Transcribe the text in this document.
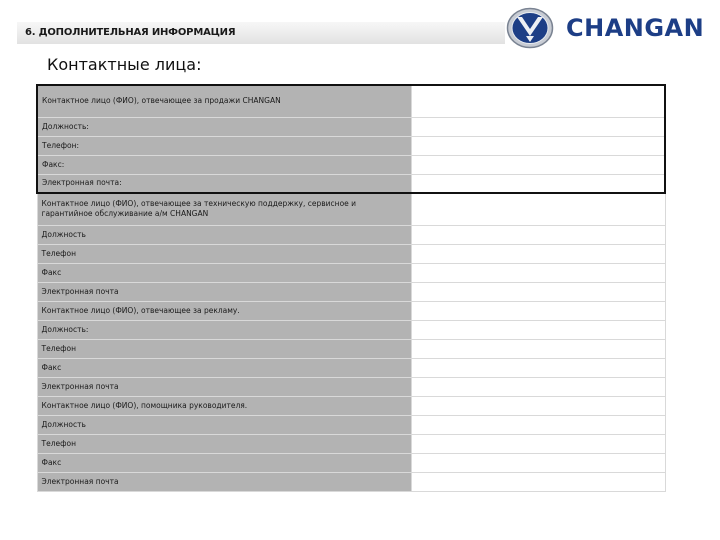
6. ДОПОЛНИТЕЛЬНАЯ ИНФОРМАЦИЯ	CHANGAN
Контактные лица:
Контактное лицо (ФИО), отвечающее за продажи CHANGAN	
Должность:	
Телефон:	
Факс:	
Электронная почта:	
Контактное лицо (ФИО), отвечающее за техническую поддержку, сервисное и гарантийное обслуживание а/м CHANGAN	
Должность	
Телефон	
Факс	
Электронная почта	
Контактное лицо (ФИО), отвечающее за рекламу.	
Должность:	
Телефон	
Факс	
Электронная почта	
Контактное лицо (ФИО), помощника руководителя.	
Должность	
Телефон	
Факс	
Электронная почта	
